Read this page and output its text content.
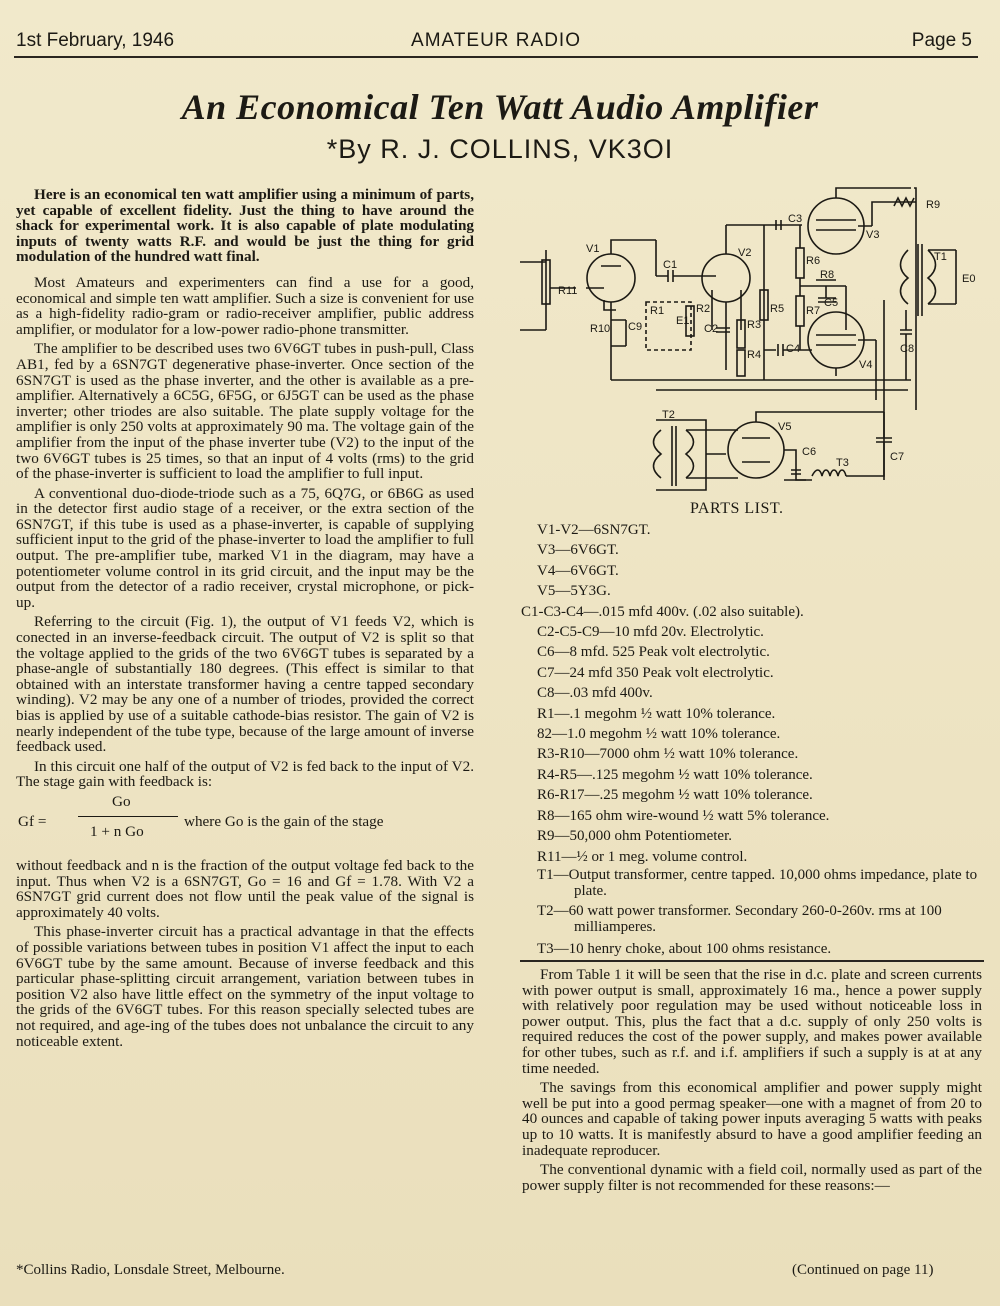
1st February, 1946	AMATEUR RADIO	Page 5
An Economical Ten Watt Audio Amplifier
*By R. J. COLLINS, VK3OI

Here is an economical ten watt amplifier using a minimum of parts, yet capable of excellent fidelity. Just the thing to have around the shack for experimental work. It is also capable of plate modulating inputs of twenty watts R.F. and would be just the thing for grid modulation of the hundred watt final.

Most Amateurs and experimenters can find a use for a good, economical and simple ten watt amplifier. Such a size is convenient for use as a high-fidelity radio-gram or radio-receiver amplifier, public address amplifier, or modulator for a low-power radio-phone transmitter.

The amplifier to be described uses two 6V6GT tubes in push-pull, Class AB1, fed by a 6SN7GT degenerative phase-inverter. Once section of the 6SN7GT is used as the phase inverter, and the other is available as a pre-amplifier. Alternatively a 6C5G, 6F5G, or 6J5GT can be used as the phase inverter; other triodes are also suitable. The plate supply voltage for the amplifier is only 250 volts at approximately 90 ma. The voltage gain of the amplifier from the input of the phase inverter tube (V2) to the input of the two 6V6GT tubes is 25 times, so that an input of 4 volts (rms) to the grid of the phase-inverter is sufficient to load the amplifier to full input.

A conventional duo-diode-triode such as a 75, 6Q7G, or 6B6G as used in the detector first audio stage of a receiver, or the extra section of the 6SN7GT, if this tube is used as a phase-inverter, is capable of supplying sufficient input to the grid of the phase-inverter to load the amplifier to full output. The pre-amplifier tube, marked V1 in the diagram, may have a potentiometer volume control in its grid circuit, and the input may be the output from the detector of a radio receiver, crystal microphone, or pick-up.

Referring to the circuit (Fig. 1), the output of V1 feeds V2, which is conected in an inverse-feedback circuit. The output of V2 is split so that the voltage applied to the grids of the two 6V6GT tubes is separated by a phase-angle of substantially 180 degrees. (This effect is similar to that obtained with an interstate transformer having a centre tapped secondary winding). V2 may be any one of a number of triodes, provided the correct bias is applied by use of a suitable cathode-bias resistor. The gain of V2 is nearly independent of the tube type, because of the large amount of inverse feedback used.

In this circuit one half of the output of V2 is fed back to the input of V2. The stage gain with feedback is:

Gf =
Go
1 + n Go
where Go is the gain of the stage

without feedback and n is the fraction of the output voltage fed back to the input. Thus when V2 is a 6SN7GT, Go = 16 and Gf = 1.78. With V2 a 6SN7GT grid current does not flow until the peak value of the signal is approximately 40 volts.

This phase-inverter circuit has a practical advantage in that the effects of possible variations between tubes in position V1 affect the input to each 6V6GT tube by the same amount. Because of inverse feedback and this particular phase-splitting circuit arrangement, variation between tubes in position V2 also have little effect on the symmetry of the input voltage to the grids of the 6V6GT tubes. For this reason specially selected tubes are not required, and age-ing of the tubes does not unbalance the circuit to any noticeable extent.

*Collins Radio, Lonsdale Street, Melbourne.
V1	V2
V3
V4
V5
C1
C2
C3
C4
C5
C6	C7
C8
C9
R1	R2
R3
R4
R5
R6
R7
R8
R9
R10
R11
T1
T2
T3
E1
E0
PARTS LIST.
V1-V2—6SN7GT.
V3—6V6GT.
V4—6V6GT.
V5—5Y3G.
C1-C3-C4—.015 mfd 400v. (.02 also suitable).
C2-C5-C9—10 mfd 20v. Electrolytic.
C6—8 mfd. 525 Peak volt electrolytic.
C7—24 mfd 350 Peak volt electrolytic.
C8—.03 mfd 400v.
R1—.1 megohm ½ watt 10% tolerance.
82—1.0 megohm ½ watt 10% tolerance.
R3-R10—7000 ohm ½ watt 10% tolerance.
R4-R5—.125 megohm ½ watt 10% tolerance.
R6-R17—.25 megohm ½ watt 10% tolerance.
R8—165 ohm wire-wound ½ watt 5% tolerance.
R9—50,000 ohm Potentiometer.
R11—½ or 1 meg. volume control.
T1—Output transformer, centre tapped. 10,000 ohms impedance, plate to plate.
T2—60 watt power transformer. Secondary 260-0-260v. rms at 100 milliamperes.
T3—10 henry choke, about 100 ohms resistance.

From Table 1 it will be seen that the rise in d.c. plate and screen currents with power output is small, approximately 16 ma., hence a power supply with relatively poor regulation may be used without noticeable loss in power output. This, plus the fact that a d.c. supply of only 250 volts is required reduces the cost of the power supply, and makes power available for other tubes, such as r.f. and i.f. amplifiers if such a supply is at at any time needed.

The savings from this economical amplifier and power supply might well be put into a good permag speaker—one with a magnet of from 20 to 40 ounces and capable of taking power inputs averaging 5 watts with peaks up to 10 watts. It is manifestly absurd to have a good amplifier feeding an inadequate reproducer.

The conventional dynamic with a field coil, normally used as part of the power supply filter is not recommended for these reasons:—

(Continued on page 11)
